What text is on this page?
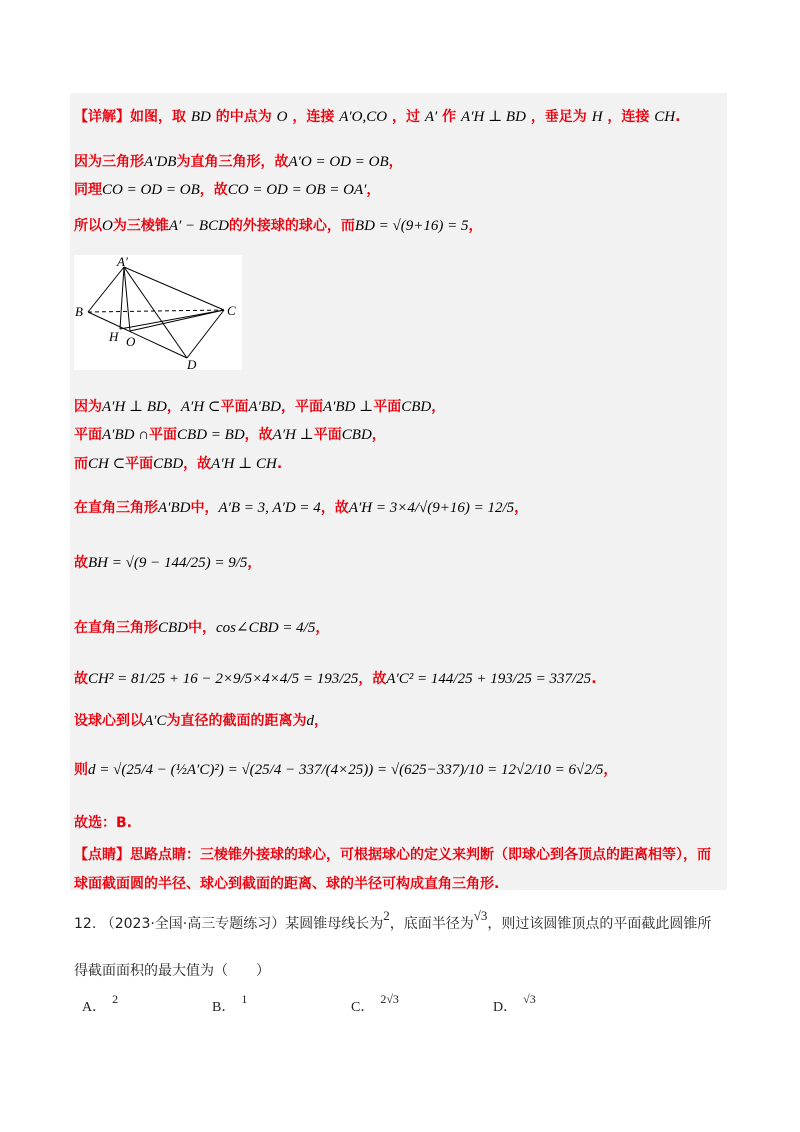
【详解】如图，取 BD 的中点为 O ，连接 A′O,CO ，过 A′ 作 A′H ⊥ BD ，垂足为 H ，连接 CH.
因为三角形A′DB为直角三角形，故A′O = OD = OB，
同理CO = OD = OB，故CO = OD = OB = OA′，
所以O为三棱锥A′ − BCD的外接球的球心，而BD = √(9+16) = 5，
A′
B	C
D
H O
因为A′H ⊥ BD，A′H ⊂平面A′BD，平面A′BD ⊥平面CBD，
平面A′BD ∩平面CBD = BD，故A′H ⊥平面CBD，
而CH ⊂平面CBD，故A′H ⊥ CH.
在直角三角形A′BD中，A′B = 3, A′D = 4，故A′H = 3×4/√(9+16) = 12/5，
故BH = √(9 − 144/25) = 9/5，
在直角三角形CBD中，cos∠CBD = 4/5，
故CH² = 81/25 + 16 − 2×9/5×4×4/5 = 193/25，故A′C² = 144/25 + 193/25 = 337/25.
设球心到以A′C为直径的截面的距离为d，
则d = √(25/4 − (½A′C)²) = √(25/4 − 337/(4×25)) = √(625−337)/10 = 12√2/10 = 6√2/5，
故选：B.
【点睛】思路点睛：三棱锥外接球的球心，可根据球心的定义来判断（即球心到各顶点的距离相等），而
球面截面圆的半径、球心到截面的距离、球的半径可构成直角三角形.
12. （2023·全国·高三专题练习）某圆锥母线长为2，底面半径为√3，则过该圆锥顶点的平面截此圆锥所
得截面面积的最大值为（　　）
A．2
B．1
C．2√3
D．√3
